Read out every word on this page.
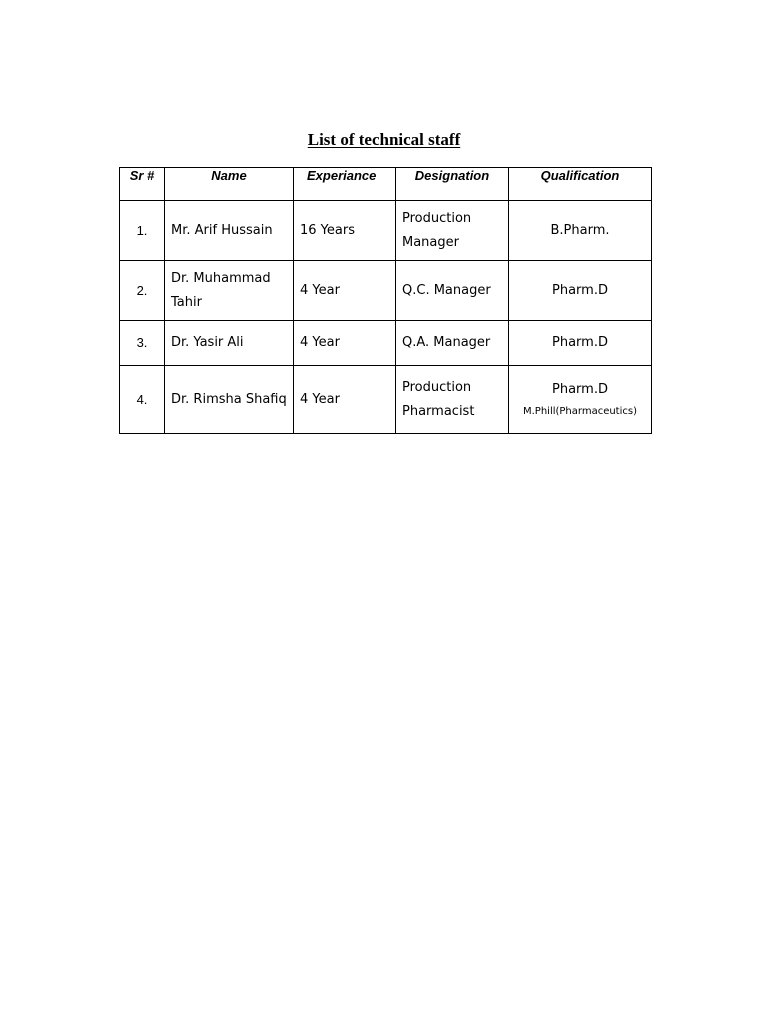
List of technical staff
Sr #	Name	Experiance	Designation	Qualification
1.	Mr. Arif Hussain	16 Years	Production Manager	B.Pharm.
2.	Dr. Muhammad Tahir	4 Year	Q.C. Manager	Pharm.D
3.	Dr. Yasir Ali	4 Year	Q.A. Manager	Pharm.D
4.	Dr. Rimsha Shafiq	4 Year	Production Pharmacist	Pharm.D
M.Phill(Pharmaceutics)
